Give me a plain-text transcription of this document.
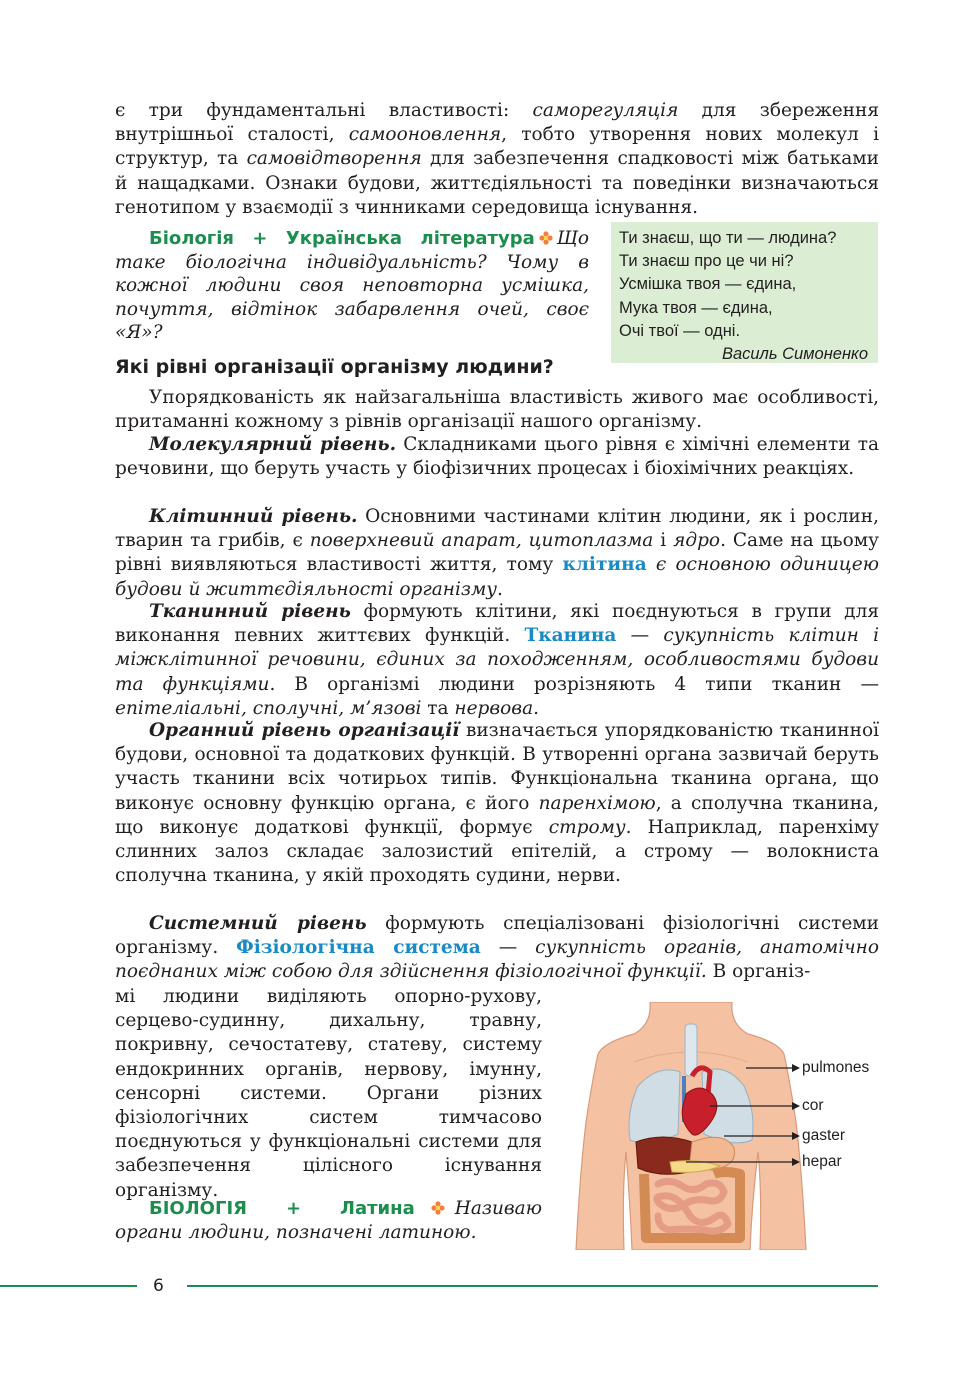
є три фундаментальні властивості: саморегуляція для збереження внутрішньої сталості, самооновлення, тобто утворення нових молекул і структур, та самовідтворення для забезпечення спадковості між батьками й нащадками. Ознаки будови, життєдіяльності та поведінки визначаються генотипом у взаємодії з чинниками середовища існування.

Біологія + Українська література Що таке біологічна індивідуальність? Чому в кожної людини своя неповторна усмішка, почуття, відтінок забарвлення очей, своє «Я»?

Ти знаєш, що ти — людина?
Ти знаєш про це чи ні?
Усмішка твоя — єдина,
Мука твоя — єдина,
Очі твої — одні.
Василь Симоненко
Які рівні організації організму людини?

Упорядкованість як найзагальніша властивість живого має особливості, притаманні кожному з рівнів організації нашого організму.

Молекулярний рівень. Складниками цього рівня є хімічні елементи та речовини, що беруть участь у біофізичних процесах і біохімічних реакціях.

Клітинний рівень. Основними частинами клітин людини, як і рослин, тварин та грибів, є поверхневий апарат, цитоплазма і ядро. Саме на цьому рівні виявляються властивості життя, тому клітина є основною одиницею будови й життєдіяльності організму.

Тканинний рівень формують клітини, які поєднуються в групи для виконання певних життєвих функцій. Тканина — сукупність клітин і міжклітинної речовини, єдиних за походженням, особливостями будови та функціями. В організмі людини розрізняють 4 типи тканин — епітеліальні, сполучні, м’язові та нервова.

Органний рівень організації визначається упорядкованістю тканинної будови, основної та додаткових функцій. В утворенні органа зазвичай беруть участь тканини всіх чотирьох типів. Функціональна тканина органа, що виконує основну функцію органа, є його паренхімою, а сполучна тканина, що виконує додаткові функції, формує строму. Наприклад, паренхіму слинних залоз складає залозистий епітелій, а строму — волокниста сполучна тканина, у якій проходять судини, нерви.

Системний рівень формують спеціалізовані фізіологічні системи організму. Фізіологічна система — сукупність органів, анатомічно поєднаних між собою для здійснення фізіологічної функції. В організ-

мі людини виділяють опорно-рухову, серцево-судинну, дихальну, травну, покривну, сечостатеву, статеву, систему ендокринних органів, нервову, імунну, сенсорні системи. Органи різних фізіологічних систем тимчасово поєднуються у функціональні системи для забезпечення цілісного існування організму.

БІОЛОГІЯ + Латина Називаю органи людини, позначені латиною.

pulmones
cor
gaster
hepar
6
